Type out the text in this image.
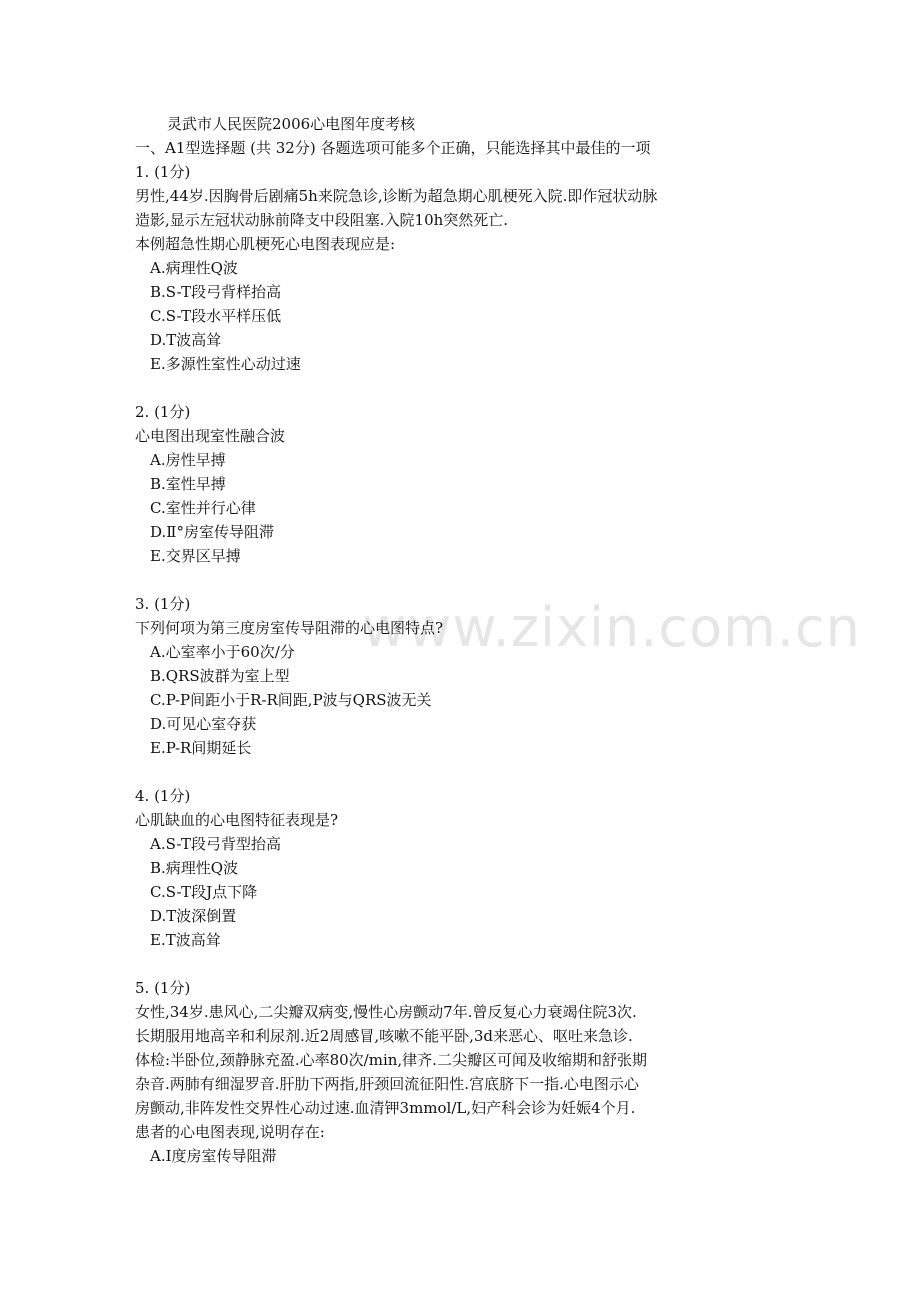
www.zixin.com.cn
灵武市人民医院2006心电图年度考核
一、A1型选择题 (共 32分) 各题选项可能多个正确，只能选择其中最佳的一项
1. (1分)
男性,44岁.因胸骨后剧痛5h来院急诊,诊断为超急期心肌梗死入院.即作冠状动脉
造影,显示左冠状动脉前降支中段阻塞.入院10h突然死亡.
本例超急性期心肌梗死心电图表现应是:
A.病理性Q波
B.S-T段弓背样抬高
C.S-T段水平样压低
D.T波高耸
E.多源性室性心动过速
2. (1分)
心电图出现室性融合波
A.房性早搏
B.室性早搏
C.室性并行心律
D.Ⅱ°房室传导阻滞
E.交界区早搏
3. (1分)
下列何项为第三度房室传导阻滞的心电图特点?
A.心室率小于60次/分
B.QRS波群为室上型
C.P-P间距小于R-R间距,P波与QRS波无关
D.可见心室夺获
E.P-R间期延长
4. (1分)
心肌缺血的心电图特征表现是?
A.S-T段弓背型抬高
B.病理性Q波
C.S-T段J点下降
D.T波深倒置
E.T波高耸
5. (1分)
女性,34岁.患风心,二尖瓣双病变,慢性心房颤动7年.曾反复心力衰竭住院3次.
长期服用地高辛和利尿剂.近2周感冒,咳嗽不能平卧,3d来恶心、呕吐来急诊.
体检:半卧位,颈静脉充盈.心率80次/min,律齐.二尖瓣区可闻及收缩期和舒张期
杂音.两肺有细湿罗音.肝肋下两指,肝颈回流征阳性.宫底脐下一指.心电图示心
房颤动,非阵发性交界性心动过速.血清钾3mmol/L,妇产科会诊为妊娠4个月.
患者的心电图表现,说明存在:
A.Ⅰ度房室传导阻滞
